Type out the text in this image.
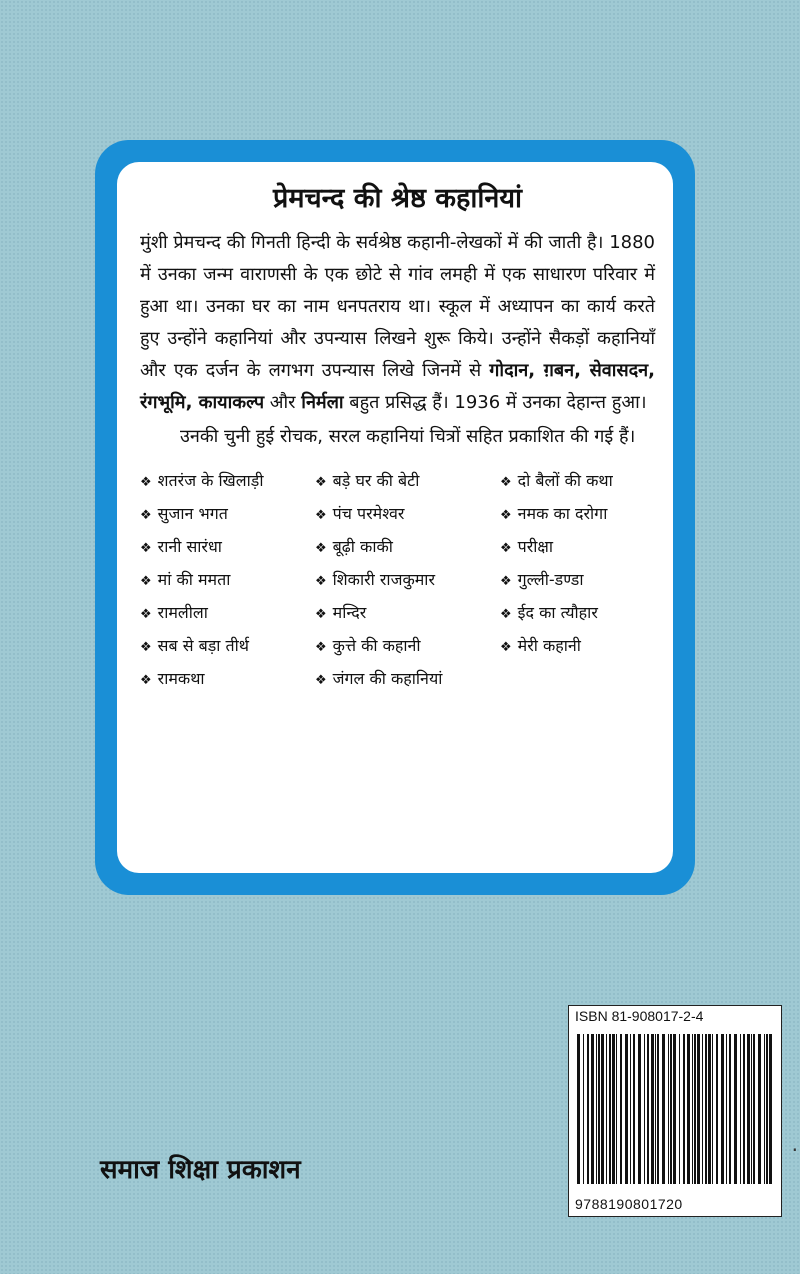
प्रेमचन्द की श्रेष्ठ कहानियां

मुंशी प्रेमचन्द की गिनती हिन्दी के सर्वश्रेष्ठ कहानी-लेखकों में की जाती है। 1880 में उनका जन्म वाराणसी के एक छोटे से गांव लमही में एक साधारण परिवार में हुआ था। उनका घर का नाम धनपतराय था। स्कूल में अध्यापन का कार्य करते हुए उन्होंने कहानियां और उपन्यास लिखने शुरू किये। उन्होंने सैकड़ों कहानियाँ और एक दर्जन के लगभग उपन्यास लिखे जिनमें से गोदान, ग़बन, सेवासदन, रंगभूमि, कायाकल्प और निर्मला बहुत प्रसिद्ध हैं। 1936 में उनका देहान्त हुआ।

उनकी चुनी हुई रोचक, सरल कहानियां चित्रों सहित प्रकाशित की गई हैं।

❖ शतरंज के खिलाड़ी	❖ बड़े घर की बेटी	❖ दो बैलों की कथा
❖ सुजान भगत	❖ पंच परमेश्वर	❖ नमक का दरोगा
❖ रानी सारंधा	❖ बूढ़ी काकी	❖ परीक्षा
❖ मां की ममता	❖ शिकारी राजकुमार	❖ गुल्ली-डण्डा
❖ रामलीला	❖ मन्दिर	❖ ईद का त्यौहार
❖ सब से बड़ा तीर्थ	❖ कुत्ते की कहानी	❖ मेरी कहानी
❖ रामकथा	❖ जंगल की कहानियां
ISBN 81-908017-2-4
9788190801720
समाज शिक्षा प्रकाशन
·
